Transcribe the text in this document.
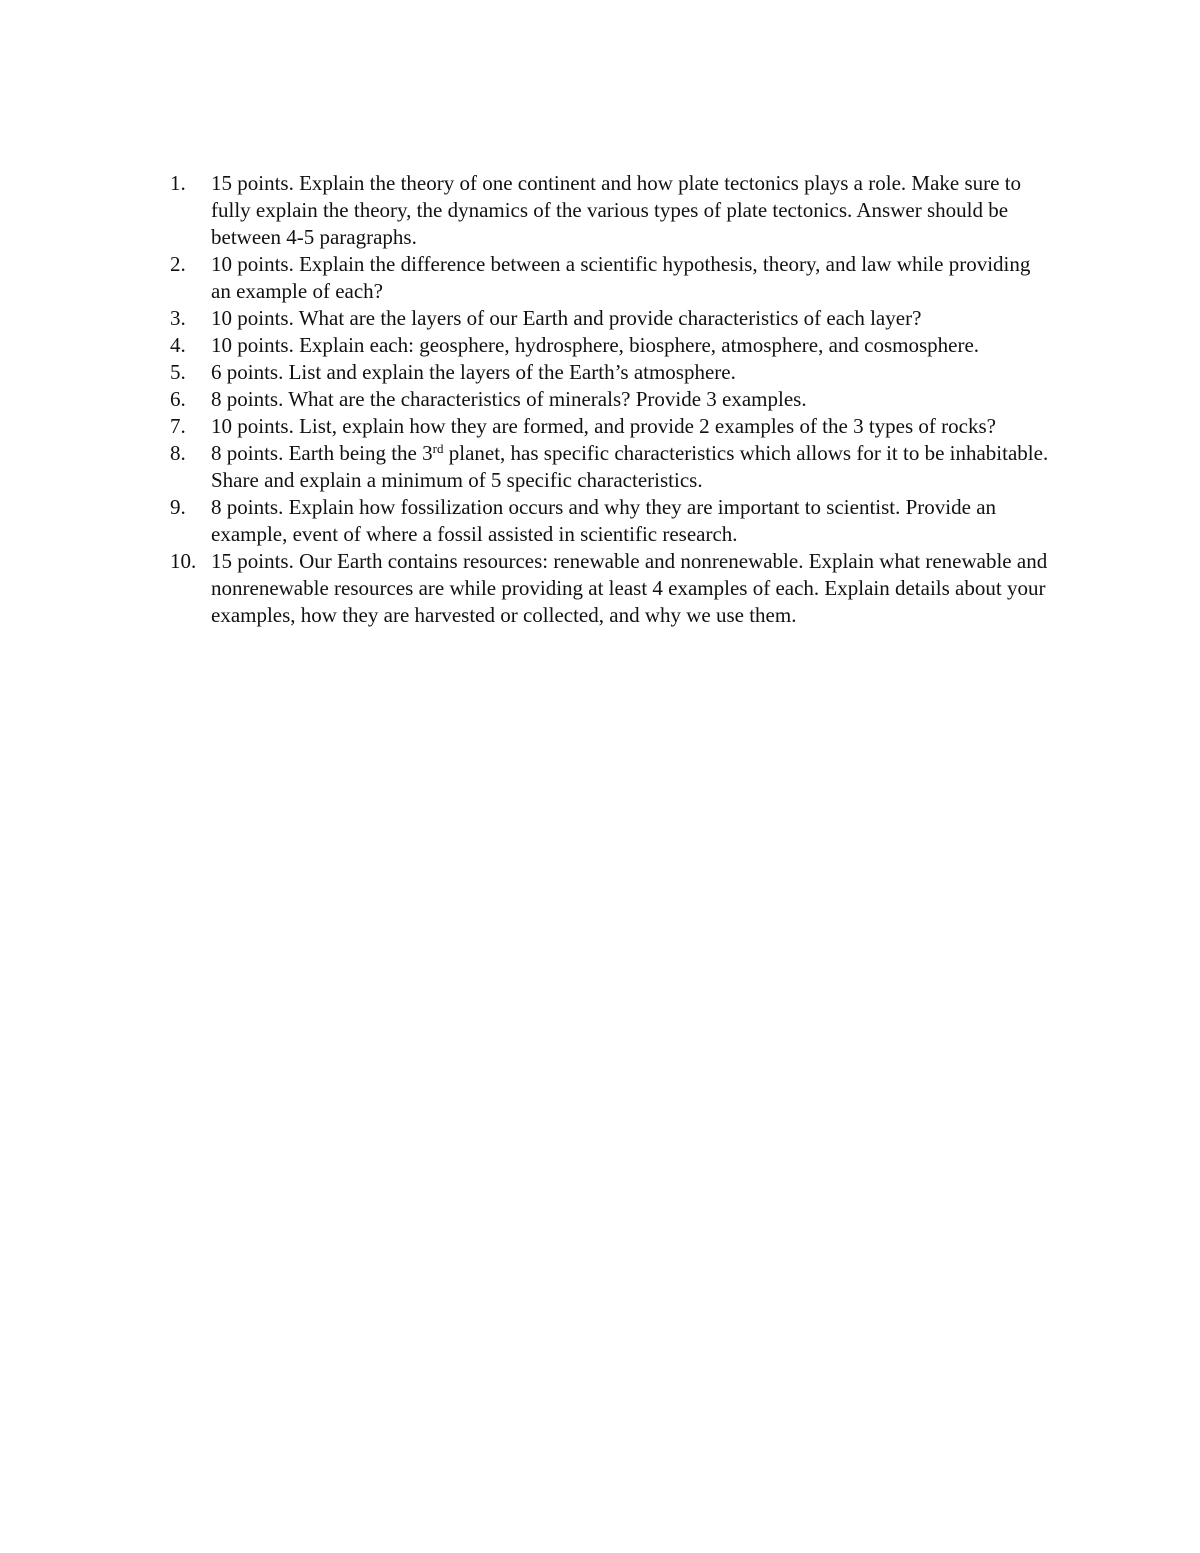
1.	15 points. Explain the theory of one continent and how plate tectonics plays a role. Make sure to fully explain the theory, the dynamics of the various types of plate tectonics. Answer should be between 4-5 paragraphs.
2.	10 points. Explain the difference between a scientific hypothesis, theory, and law while providing an example of each?
3.	10 points. What are the layers of our Earth and provide characteristics of each layer?
4.	10 points. Explain each: geosphere, hydrosphere, biosphere, atmosphere, and cosmosphere.
5.	6 points. List and explain the layers of the Earth’s atmosphere.
6.	8 points. What are the characteristics of minerals? Provide 3 examples.
7.	10 points. List, explain how they are formed, and provide 2 examples of the 3 types of rocks?
8.	8 points. Earth being the 3rd planet, has specific characteristics which allows for it to be inhabitable. Share and explain a minimum of 5 specific characteristics.
9.	8 points. Explain how fossilization occurs and why they are important to scientist. Provide an example, event of where a fossil assisted in scientific research.
10. 15 points. Our Earth contains resources: renewable and nonrenewable. Explain what renewable and nonrenewable resources are while providing at least 4 examples of each. Explain details about your examples, how they are harvested or collected, and why we use them.
